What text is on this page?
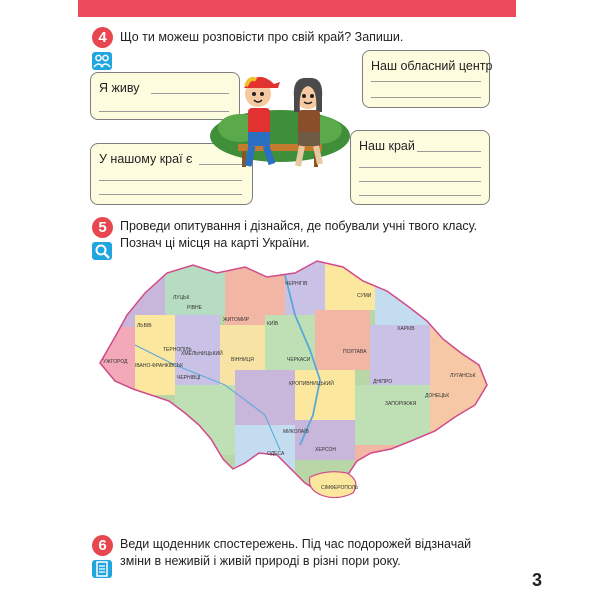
4	Що ти можеш розповісти про свій край? Запиши.
Я живу
Наш обласний центр
У нашому краї є
Наш край
5	Проведи опитування і дізнайся, де побували учні твого класу.
Познач ці місця на карті України.
ЛУЦЬК
РІВНЕ
ЖИТОМИР
КИЇВ
ЧЕРНІГІВ
СУМИ
ХАРКІВ
ЛЬВІВ
ТЕРНОПІЛЬ
ХМЕЛЬНИЦЬКИЙ
ВІННИЦЯ	ЧЕРКАСИ
ПОЛТАВА
ЛУГАНСЬК
УЖГОРОД
ІВАНО-ФРАНКІВСЬК
ЧЕРНІВЦІ
КРОПИВНИЦЬКИЙ	ДНІПРО
ДОНЕЦЬК
ЗАПОРІЖЖЯ
МИКОЛАЇВ
ХЕРСОН
ОДЕСА
СІМФЕРОПОЛЬ
6	Веди щоденник спостережень. Під час подорожей відзначай
зміни в неживій і живій природі в різні пори року.
3
